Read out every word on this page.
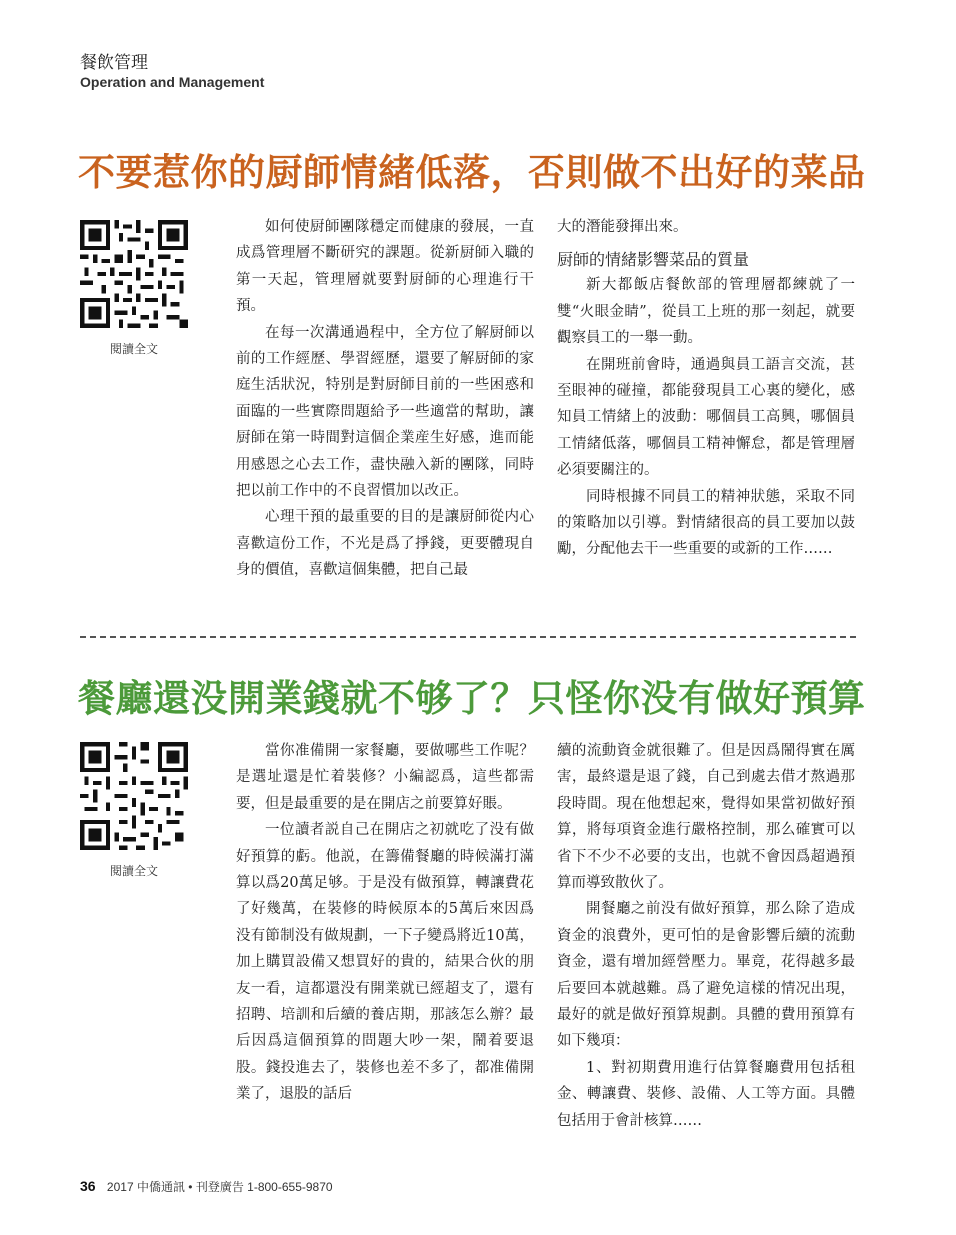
餐飲管理
Operation and Management
不要惹你的厨師情緒低落，否則做不出好的菜品
閱讀全文

如何使厨師團隊穩定而健康的發展，一直成爲管理層不斷研究的課題。從新厨師入職的第一天起，管理層就要對厨師的心理進行干預。

在每一次溝通過程中，全方位了解厨師以前的工作經歷、學習經歷，還要了解厨師的家庭生活狀況，特别是對厨師目前的一些困惑和面臨的一些實際問題給予一些適當的幫助，讓厨師在第一時間對這個企業産生好感，進而能用感恩之心去工作，盡快融入新的團隊，同時把以前工作中的不良習慣加以改正。

心理干預的最重要的目的是讓厨師從内心喜歡這份工作，不光是爲了掙錢，更要體現自身的價值，喜歡這個集體，把自己最

大的潛能發揮出來。

厨師的情緒影響菜品的質量

新大都飯店餐飲部的管理層都練就了一雙“火眼金睛”，從員工上班的那一刻起，就要觀察員工的一舉一動。

在開班前會時，通過與員工語言交流，甚至眼神的碰撞，都能發現員工心裏的變化，感知員工情緒上的波動：哪個員工高興，哪個員工情緒低落，哪個員工精神懈怠，都是管理層必須要關注的。

同時根據不同員工的精神狀態，采取不同的策略加以引導。對情緒很高的員工要加以鼓勵，分配他去干一些重要的或新的工作……

餐廳還没開業錢就不够了？只怪你没有做好預算
閱讀全文

當你准備開一家餐廳，要做哪些工作呢？是選址還是忙着裝修？小編認爲，這些都需要，但是最重要的是在開店之前要算好賬。

一位讀者説自己在開店之初就吃了没有做好預算的虧。他説，在籌備餐廳的時候滿打滿算以爲20萬足够。于是没有做預算，轉讓費花了好幾萬，在裝修的時候原本的5萬后來因爲没有節制没有做規劃，一下子變爲將近10萬，加上購買設備又想買好的貴的，結果合伙的朋友一看，這都還没有開業就已經超支了，還有招聘、培訓和后續的養店期，那該怎么辦？最后因爲這個預算的問題大吵一架，鬧着要退股。錢投進去了，裝修也差不多了，都准備開業了，退股的話后

續的流動資金就很難了。但是因爲鬧得實在厲害，最終還是退了錢，自己到處去借才熬過那段時間。現在他想起來，覺得如果當初做好預算，將每項資金進行嚴格控制，那么確實可以省下不少不必要的支出，也就不會因爲超過預算而導致散伙了。

開餐廳之前没有做好預算，那么除了造成資金的浪費外，更可怕的是會影響后續的流動資金，還有增加經營壓力。畢竟，花得越多最后要回本就越難。爲了避免這樣的情况出現，最好的就是做好預算規劃。具體的費用預算有如下幾項：

1、對初期費用進行估算餐廳費用包括租金、轉讓費、裝修、設備、人工等方面。具體包括用于會計核算……

36 2017 中僑通訊 • 刊登廣告 1-800-655-9870
